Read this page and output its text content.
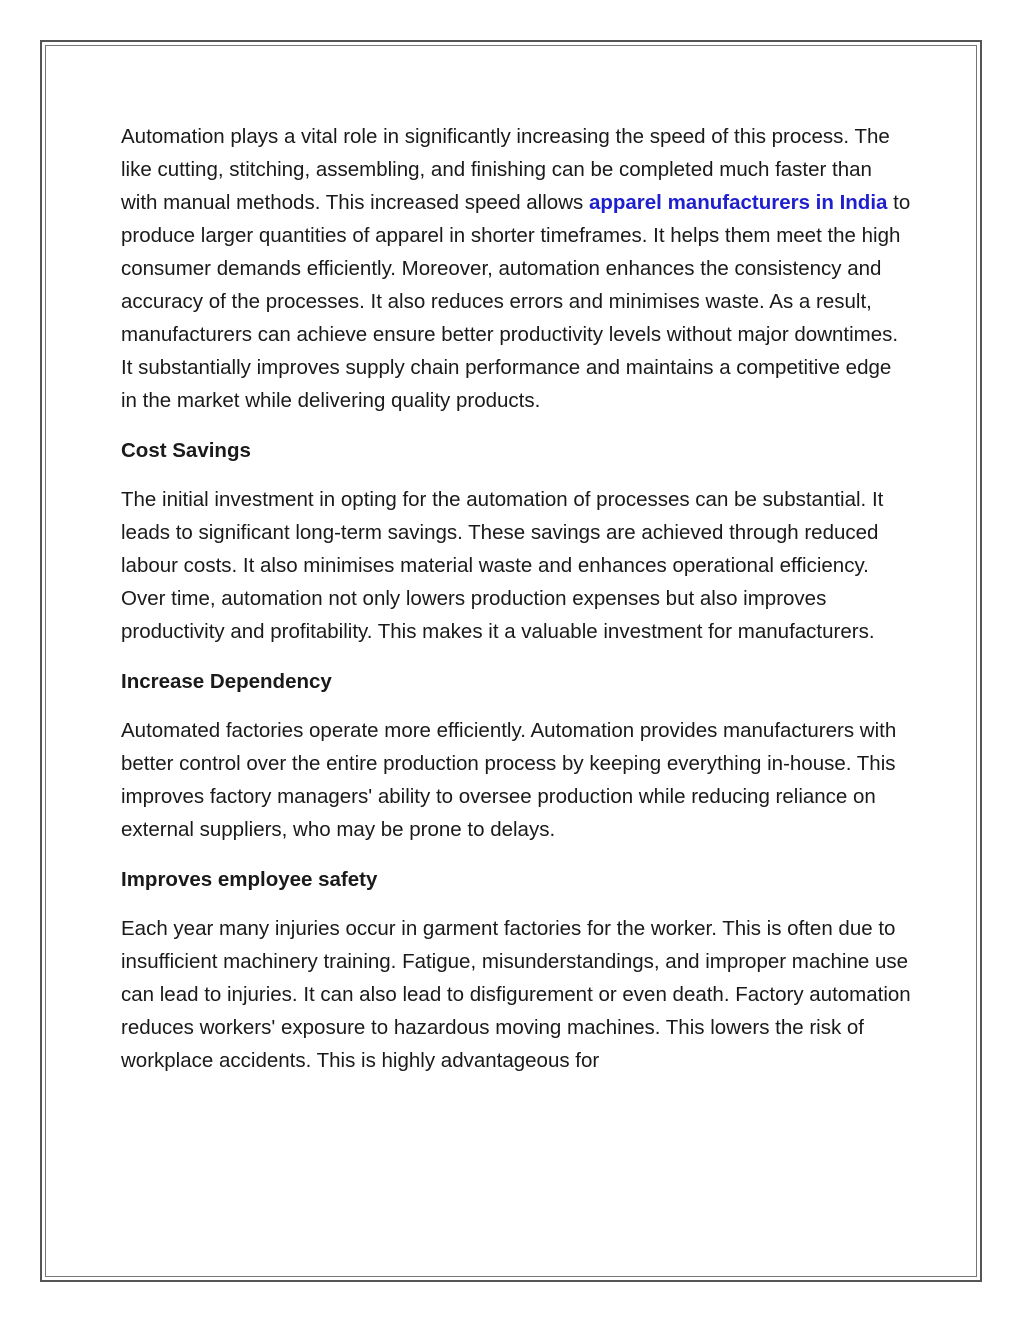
Automation plays a vital role in significantly increasing the speed of this process. The like cutting, stitching, assembling, and finishing can be completed much faster than with manual methods. This increased speed allows apparel manufacturers in India to produce larger quantities of apparel in shorter timeframes. It helps them meet the high consumer demands efficiently. Moreover, automation enhances the consistency and accuracy of the processes. It also reduces errors and minimises waste. As a result, manufacturers can achieve ensure better productivity levels without major downtimes. It substantially improves supply chain performance and maintains a competitive edge in the market while delivering quality products.

Cost Savings

The initial investment in opting for the automation of processes can be substantial. It leads to significant long-term savings. These savings are achieved through reduced labour costs. It also minimises material waste and enhances operational efficiency. Over time, automation not only lowers production expenses but also improves productivity and profitability. This makes it a valuable investment for manufacturers.

Increase Dependency

Automated factories operate more efficiently. Automation provides manufacturers with better control over the entire production process by keeping everything in-house. This improves factory managers' ability to oversee production while reducing reliance on external suppliers, who may be prone to delays.

Improves employee safety

Each year many injuries occur in garment factories for the worker. This is often due to insufficient machinery training. Fatigue, misunderstandings, and improper machine use can lead to injuries. It can also lead to disfigurement or even death. Factory automation reduces workers' exposure to hazardous moving machines. This lowers the risk of workplace accidents. This is highly advantageous for
